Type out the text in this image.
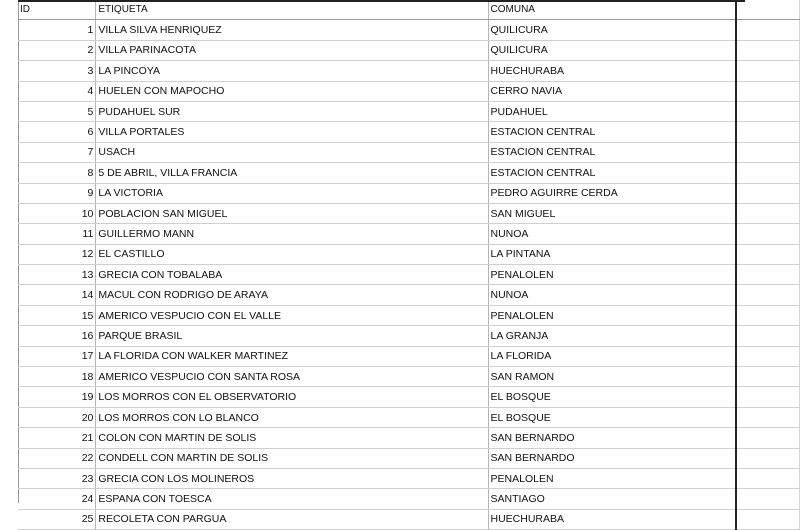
ID	ETIQUETA	COMUNA	
1	VILLA SILVA HENRIQUEZ	QUILICURA	
2	VILLA PARINACOTA	QUILICURA	
3	LA PINCOYA	HUECHURABA	
4	HUELEN CON MAPOCHO	CERRO NAVIA	
5	PUDAHUEL SUR	PUDAHUEL	
6	VILLA PORTALES	ESTACION CENTRAL	
7	USACH	ESTACION CENTRAL	
8	5 DE ABRIL, VILLA FRANCIA	ESTACION CENTRAL	
9	LA VICTORIA	PEDRO AGUIRRE CERDA	
10	POBLACION SAN MIGUEL	SAN MIGUEL	
11	GUILLERMO MANN	NUNOA	
12	EL CASTILLO	LA PINTANA	
13	GRECIA CON TOBALABA	PENALOLEN	
14	MACUL CON RODRIGO DE ARAYA	NUNOA	
15	AMERICO VESPUCIO CON EL VALLE	PENALOLEN	
16	PARQUE BRASIL	LA GRANJA	
17	LA FLORIDA CON WALKER MARTINEZ	LA FLORIDA	
18	AMERICO VESPUCIO CON SANTA ROSA	SAN RAMON	
19	LOS MORROS CON EL OBSERVATORIO	EL BOSQUE	
20	LOS MORROS CON LO BLANCO	EL BOSQUE	
21	COLON CON MARTIN DE SOLIS	SAN BERNARDO	
22	CONDELL CON MARTIN DE SOLIS	SAN BERNARDO	
23	GRECIA CON LOS MOLINEROS	PENALOLEN	
24	ESPANA CON TOESCA	SANTIAGO	
25	RECOLETA CON PARGUA	HUECHURABA	
